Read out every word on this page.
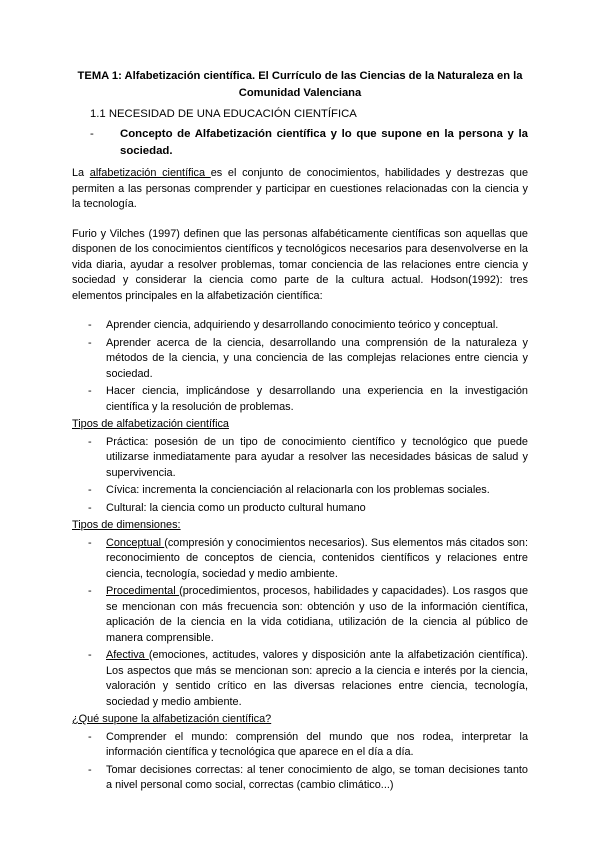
TEMA 1: Alfabetización científica. El Currículo de las Ciencias de la Naturaleza en la
Comunidad Valenciana
1.1 NECESIDAD DE UNA EDUCACIÓN CIENTÍFICA
-	Concepto de Alfabetización científica y lo que supone en la persona y la sociedad.

La alfabetización científica es el conjunto de conocimientos, habilidades y destrezas que permiten a las personas comprender y participar en cuestiones relacionadas con la ciencia y la tecnología.

Furio y Vilches (1997) definen que las personas alfabéticamente científicas son aquellas que disponen de los conocimientos científicos y tecnológicos necesarios para desenvolverse en la vida diaria, ayudar a resolver problemas, tomar conciencia de las relaciones entre ciencia y sociedad y considerar la ciencia como parte de la cultura actual. Hodson(1992): tres elementos principales en la alfabetización científica:

-	Aprender ciencia, adquiriendo y desarrollando conocimiento teórico y conceptual.
-	Aprender acerca de la ciencia, desarrollando una comprensión de la naturaleza y métodos de la ciencia, y una conciencia de las complejas relaciones entre ciencia y sociedad.
-	Hacer ciencia, implicándose y desarrollando una experiencia en la investigación científica y la resolución de problemas.
Tipos de alfabetización científica
-	Práctica: posesión de un tipo de conocimiento científico y tecnológico que puede utilizarse inmediatamente para ayudar a resolver las necesidades básicas de salud y supervivencia.
-	Cívica: incrementa la concienciación al relacionarla con los problemas sociales.
-	Cultural: la ciencia como un producto cultural humano
Tipos de dimensiones:
-	Conceptual (compresión y conocimientos necesarios). Sus elementos más citados son: reconocimiento de conceptos de ciencia, contenidos científicos y relaciones entre ciencia, tecnología, sociedad y medio ambiente.
-	Procedimental (procedimientos, procesos, habilidades y capacidades). Los rasgos que se mencionan con más frecuencia son: obtención y uso de la información científica, aplicación de la ciencia en la vida cotidiana, utilización de la ciencia al público de manera comprensible.
-	Afectiva (emociones, actitudes, valores y disposición ante la alfabetización científica). Los aspectos que más se mencionan son: aprecio a la ciencia e interés por la ciencia, valoración y sentido crítico en las diversas relaciones entre ciencia, tecnología, sociedad y medio ambiente.
¿Qué supone la alfabetización científica?
-	Comprender el mundo: comprensión del mundo que nos rodea, interpretar la información científica y tecnológica que aparece en el día a día.
-	Tomar decisiones correctas: al tener conocimiento de algo, se toman decisiones tanto a nivel personal como social, correctas (cambio climático...)
